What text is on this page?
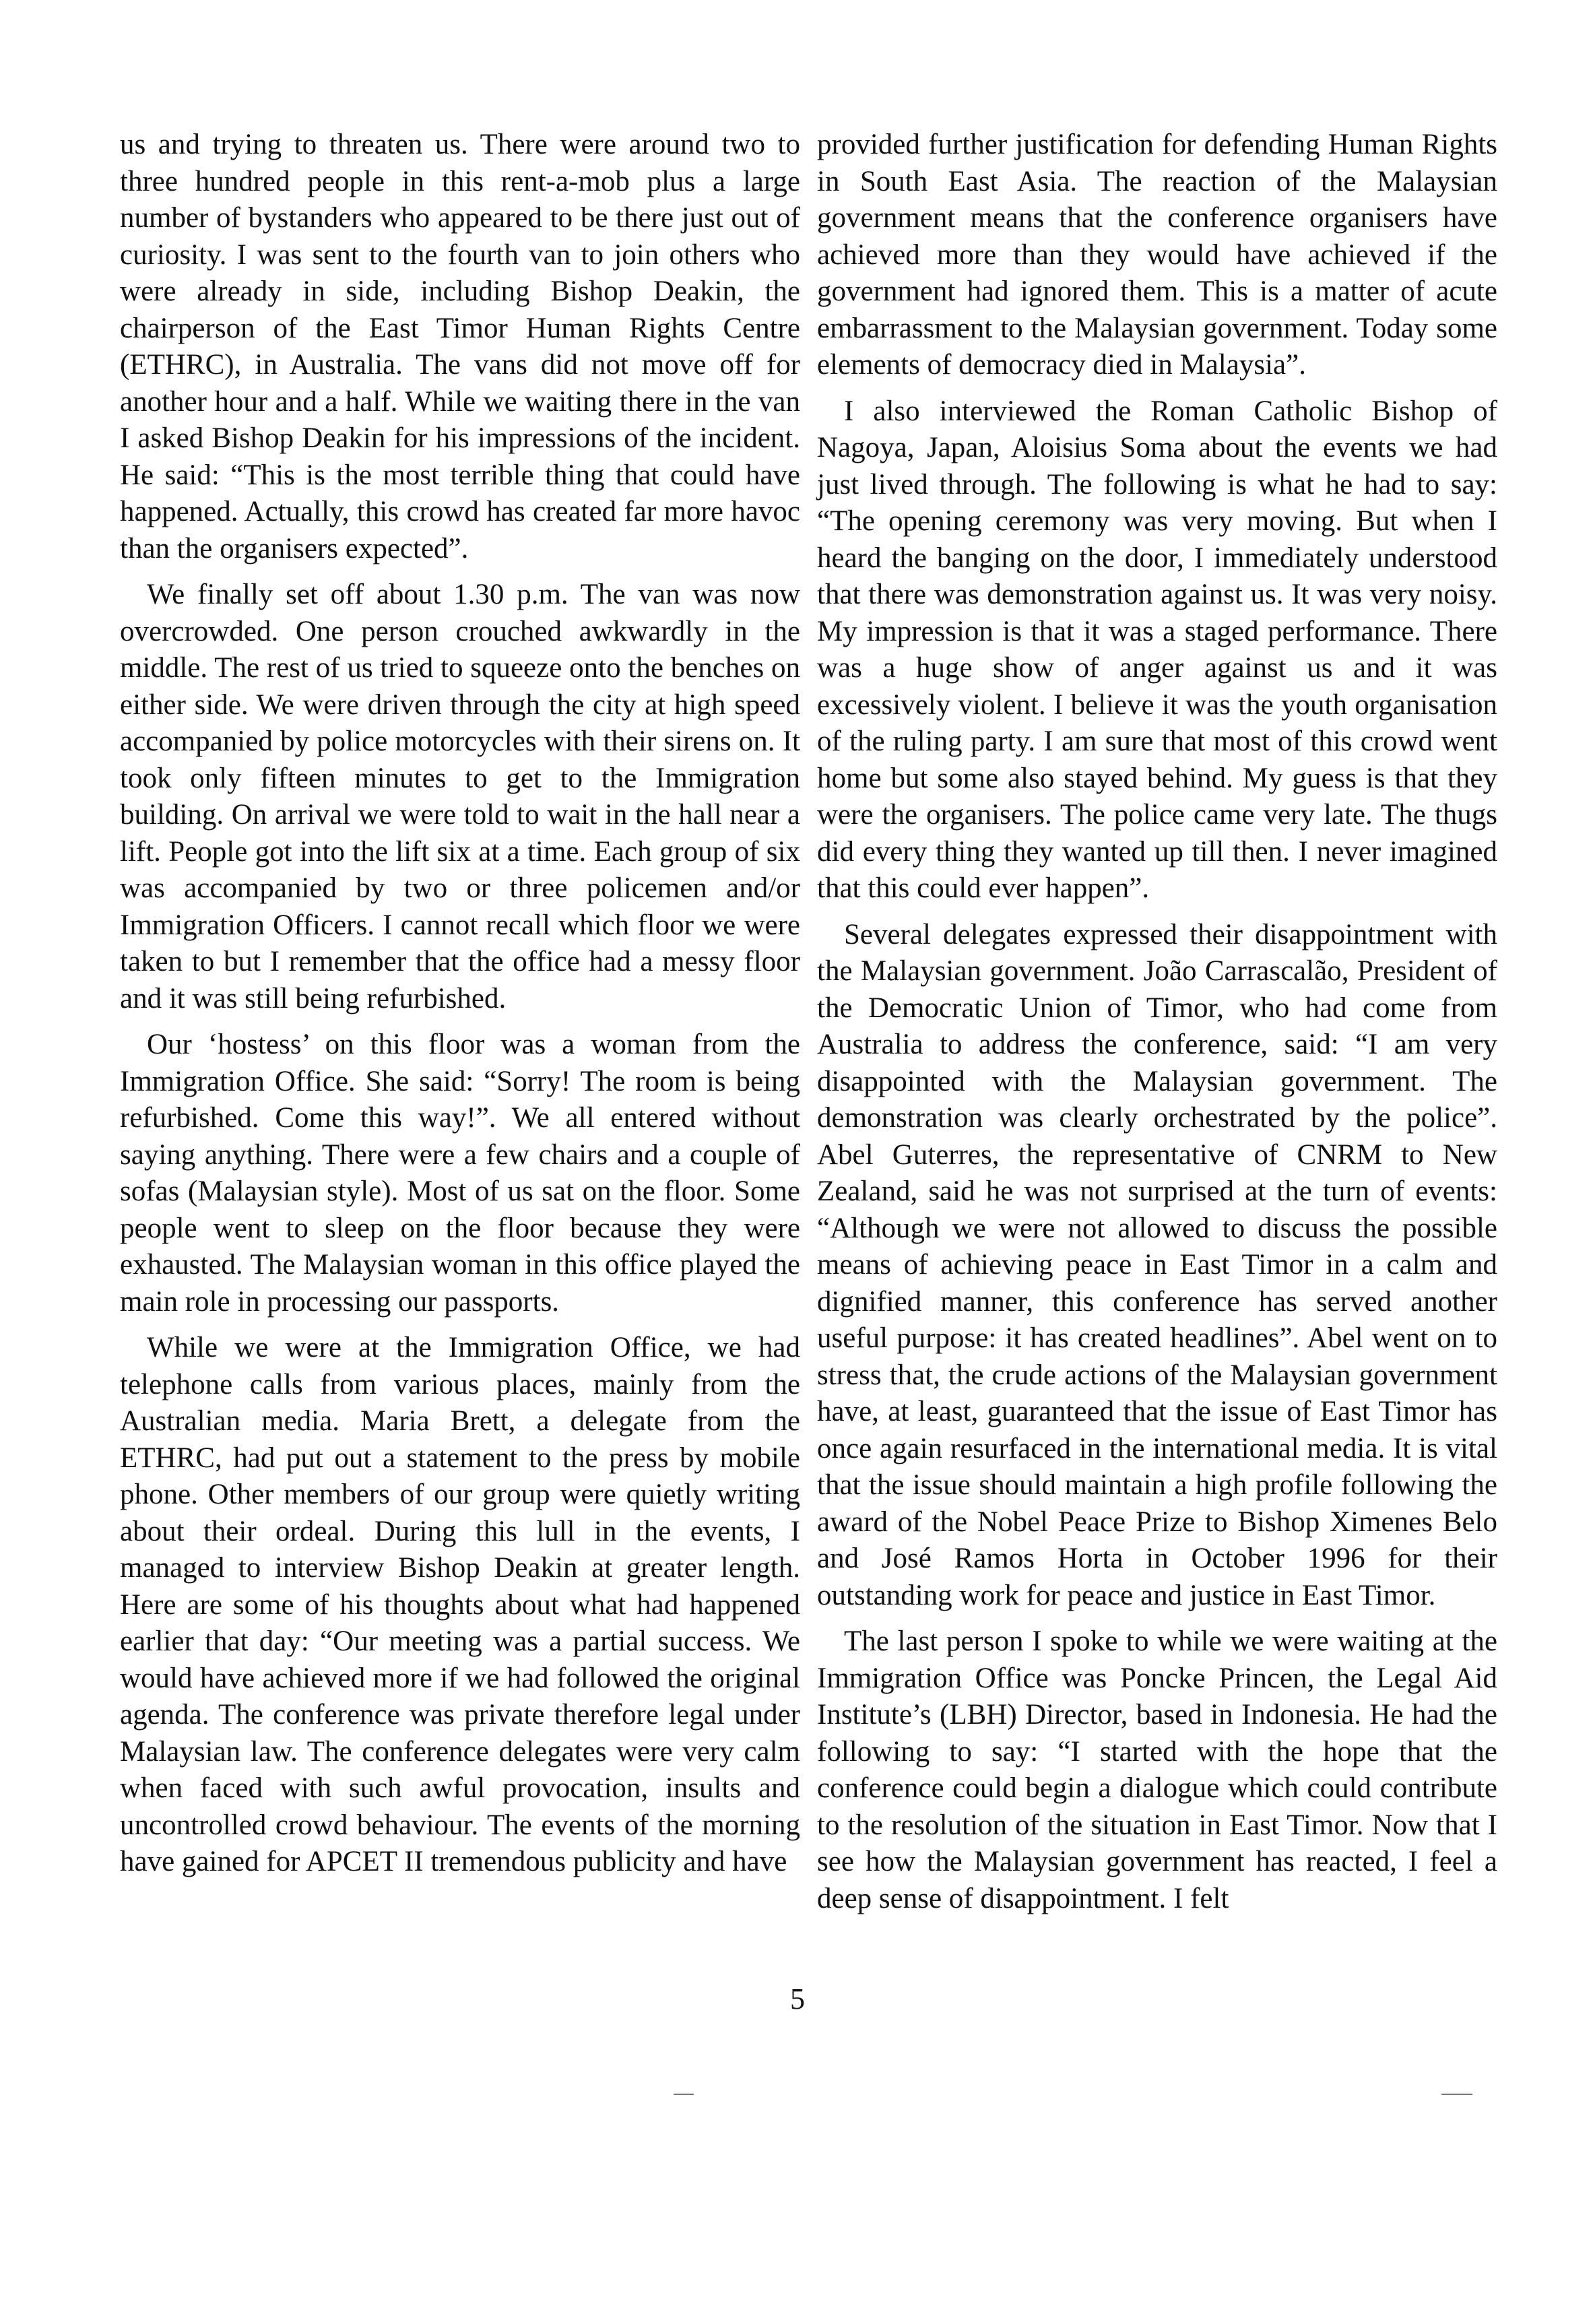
us and trying to threaten us. There were around two to three hundred people in this rent-a-mob plus a large number of bystanders who appeared to be there just out of curiosity. I was sent to the fourth van to join others who were already in side, including Bishop Deakin, the chairperson of the East Timor Human Rights Centre (ETHRC), in Australia. The vans did not move off for another hour and a half. While we waiting there in the van I asked Bishop Deakin for his impressions of the incident. He said: “This is the most terrible thing that could have happened. Actually, this crowd has created far more havoc than the organisers expected”.

We finally set off about 1.30 p.m. The van was now overcrowded. One person crouched awkwardly in the middle. The rest of us tried to squeeze onto the benches on either side. We were driven through the city at high speed accompanied by police motorcycles with their sirens on. It took only fifteen minutes to get to the Immigration building. On arrival we were told to wait in the hall near a lift. People got into the lift six at a time. Each group of six was accompanied by two or three policemen and/or Immigration Officers. I cannot recall which floor we were taken to but I remember that the office had a messy floor and it was still being refurbished.

Our ‘hostess’ on this floor was a woman from the Immigration Office. She said: “Sorry! The room is being refurbished. Come this way!”. We all entered without saying anything. There were a few chairs and a couple of sofas (Malaysian style). Most of us sat on the floor. Some people went to sleep on the floor because they were exhausted. The Malaysian woman in this office played the main role in processing our passports.

While we were at the Immigration Office, we had telephone calls from various places, mainly from the Australian media. Maria Brett, a delegate from the ETHRC, had put out a statement to the press by mobile phone. Other members of our group were quietly writing about their ordeal. During this lull in the events, I managed to interview Bishop Deakin at greater length. Here are some of his thoughts about what had happened earlier that day: “Our meeting was a partial success. We would have achieved more if we had followed the original agenda. The conference was private therefore legal under Malaysian law. The conference delegates were very calm when faced with such awful provocation, insults and uncontrolled crowd behaviour. The events of the morning have gained for APCET II tremendous publicity and have

provided further justification for defending Human Rights in South East Asia. The reaction of the Malaysian government means that the conference organisers have achieved more than they would have achieved if the government had ignored them. This is a matter of acute embarrassment to the Malaysian government. Today some elements of democracy died in Malaysia”.

I also interviewed the Roman Catholic Bishop of Nagoya, Japan, Aloisius Soma about the events we had just lived through. The following is what he had to say: “The opening ceremony was very moving. But when I heard the banging on the door, I immediately understood that there was demonstration against us. It was very noisy. My impression is that it was a staged performance. There was a huge show of anger against us and it was excessively violent. I believe it was the youth organisation of the ruling party. I am sure that most of this crowd went home but some also stayed behind. My guess is that they were the organisers. The police came very late. The thugs did every thing they wanted up till then. I never imagined that this could ever happen”.

Several delegates expressed their disappointment with the Malaysian government. João Carrascalão, President of the Democratic Union of Timor, who had come from Australia to address the conference, said: “I am very disappointed with the Malaysian government. The demonstration was clearly orchestrated by the police”. Abel Guterres, the representative of CNRM to New Zealand, said he was not surprised at the turn of events: “Although we were not allowed to discuss the possible means of achieving peace in East Timor in a calm and dignified manner, this conference has served another useful purpose: it has created headlines”. Abel went on to stress that, the crude actions of the Malaysian government have, at least, guaranteed that the issue of East Timor has once again resurfaced in the international media. It is vital that the issue should maintain a high profile following the award of the Nobel Peace Prize to Bishop Ximenes Belo and José Ramos Horta in October 1996 for their outstanding work for peace and justice in East Timor.

The last person I spoke to while we were waiting at the Immigration Office was Poncke Princen, the Legal Aid Institute’s (LBH) Director, based in Indonesia. He had the following to say: “I started with the hope that the conference could begin a dialogue which could contribute to the resolution of the situation in East Timor. Now that I see how the Malaysian government has reacted, I feel a deep sense of disappointment. I felt

5
